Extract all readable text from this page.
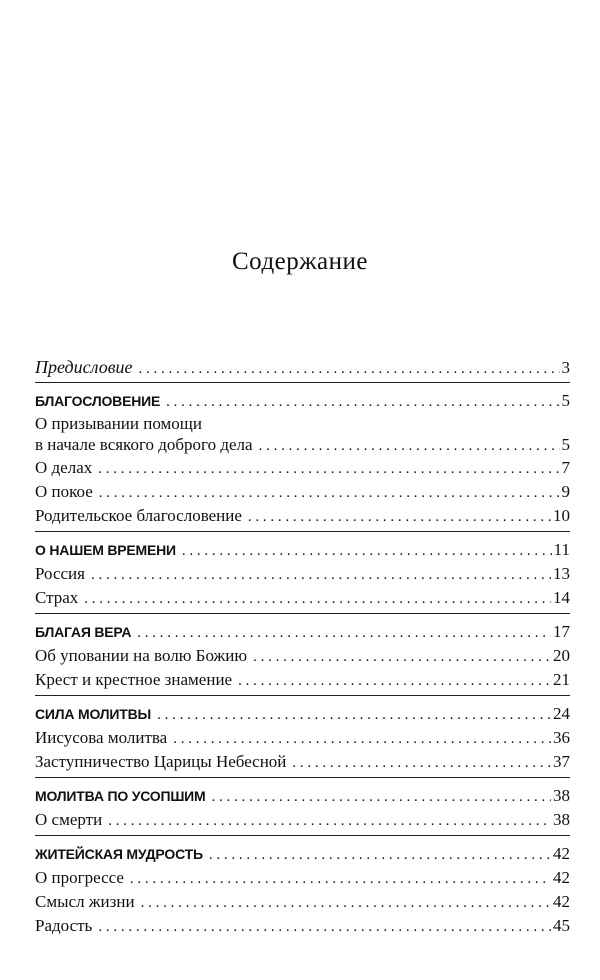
Содержание
Предисловие . . .	3
БЛАГОСЛОВЕНИЕ . . .	5
О призывании помощи
в начале всякого доброго дела . . .	5
О делах . . .	7
О покое . . .	9
Родительское благословение . . .	10
О НАШЕМ ВРЕМЕНИ . . .	11
Россия . . .	13
Страх . . .	14
БЛАГАЯ ВЕРА . . .	17
Об уповании на волю Божию . . .	20
Крест и крестное знамение . . .	21
СИЛА МОЛИТВЫ . . .	24
Иисусова молитва . . .	36
Заступничество Царицы Небесной . . .	37
МОЛИТВА ПО УСОПШИМ . . .	38
О смерти . . .	38
ЖИТЕЙСКАЯ МУДРОСТЬ . . .	42
О прогрессе . . .	42
Смысл жизни . . .	42
Радость . . .	45
